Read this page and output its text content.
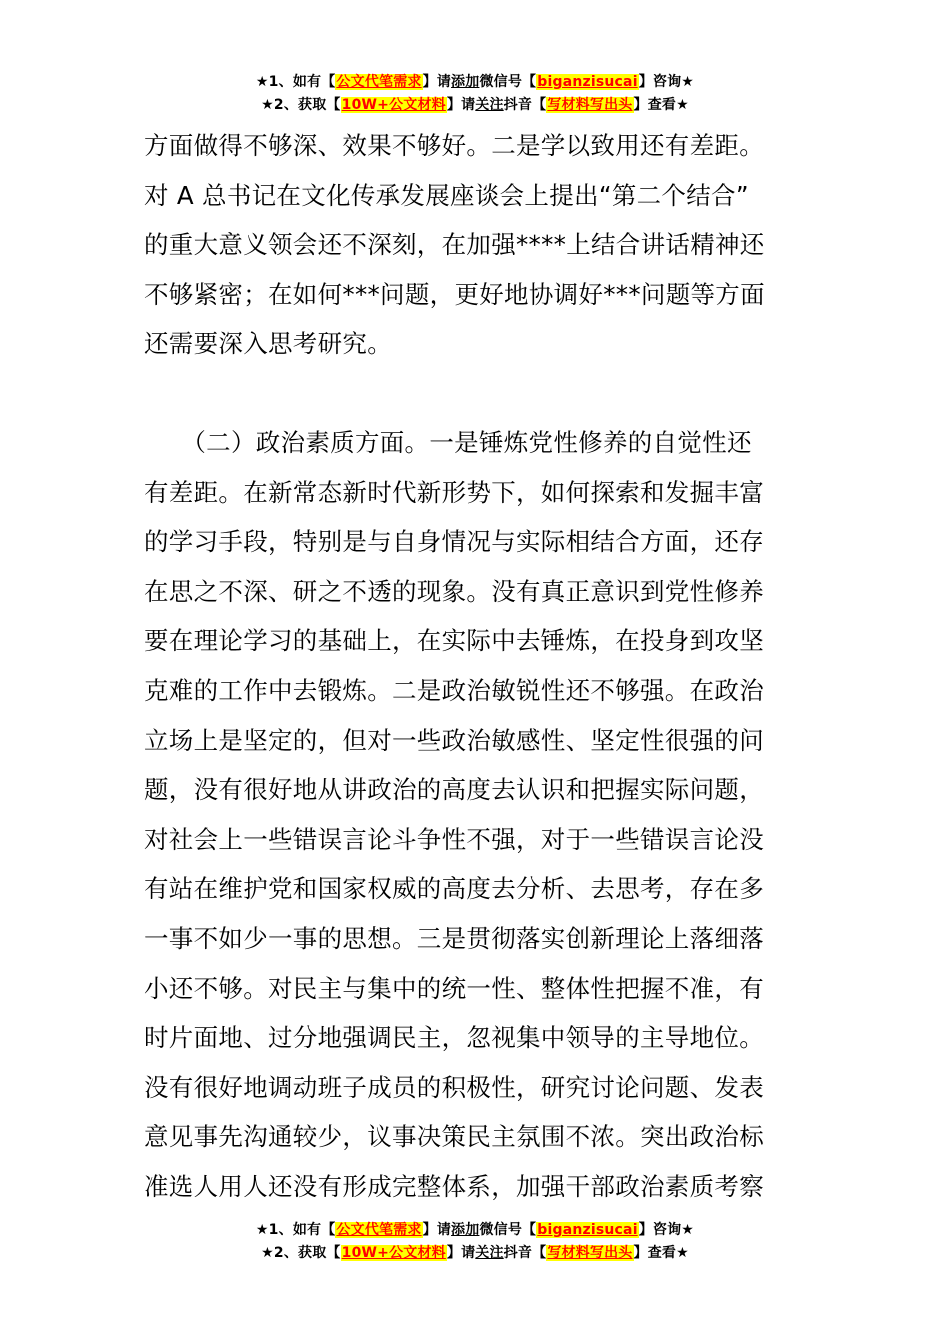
★1、如有【公文代笔需求】请添加微信号【biganzisucai】咨询★
★2、获取【10W+公文材料】请关注抖音【写材料写出头】查看★

方面做得不够深、效果不够好。二是学以致用还有差距。

对 A 总书记在文化传承发展座谈会上提出“第二个结合”

的重大意义领会还不深刻，在加强****上结合讲话精神还

不够紧密；在如何***问题，更好地协调好***问题等方面

还需要深入思考研究。

　　（二）政治素质方面。一是锤炼党性修养的自觉性还

有差距。在新常态新时代新形势下，如何探索和发掘丰富

的学习手段，特别是与自身情况与实际相结合方面，还存

在思之不深、研之不透的现象。没有真正意识到党性修养

要在理论学习的基础上，在实际中去锤炼，在投身到攻坚

克难的工作中去锻炼。二是政治敏锐性还不够强。在政治

立场上是坚定的，但对一些政治敏感性、坚定性很强的问

题，没有很好地从讲政治的高度去认识和把握实际问题，

对社会上一些错误言论斗争性不强，对于一些错误言论没

有站在维护党和国家权威的高度去分析、去思考，存在多

一事不如少一事的思想。三是贯彻落实创新理论上落细落

小还不够。对民主与集中的统一性、整体性把握不准，有

时片面地、过分地强调民主，忽视集中领导的主导地位。

没有很好地调动班子成员的积极性，研究讨论问题、发表

意见事先沟通较少，议事决策民主氛围不浓。突出政治标

准选人用人还没有形成完整体系，加强干部政治素质考察

★1、如有【公文代笔需求】请添加微信号【biganzisucai】咨询★
★2、获取【10W+公文材料】请关注抖音【写材料写出头】查看★
